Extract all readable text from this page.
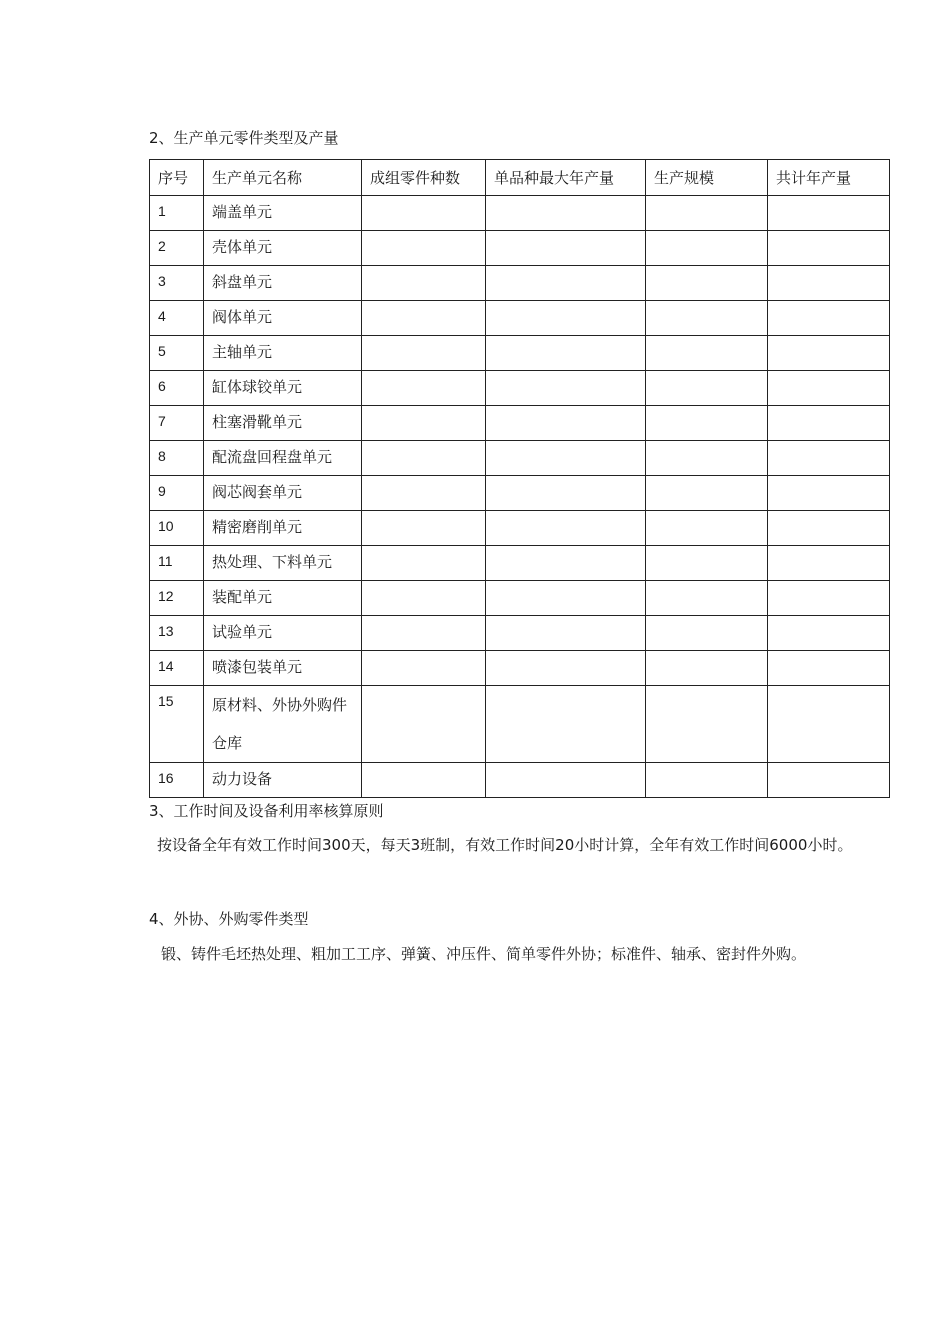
2、生产单元零件类型及产量
序号	生产单元名称	成组零件种数	单品种最大年产量	生产规模	共计年产量
1	端盖单元				
2	壳体单元				
3	斜盘单元				
4	阀体单元				
5	主轴单元				
6	缸体球铰单元				
7	柱塞滑靴单元				
8	配流盘回程盘单元				
9	阀芯阀套单元				
10	精密磨削单元				
11	热处理、下料单元				
12	装配单元				
13	试验单元				
14	喷漆包装单元				
15	原材料、外协外购件仓库				
16	动力设备				
3、工作时间及设备利用率核算原则
按设备全年有效工作时间300天，每天3班制，有效工作时间20小时计算，全年有效工作时间6000小时。
4、外协、外购零件类型
锻、铸件毛坯热处理、粗加工工序、弹簧、冲压件、简单零件外协；标准件、轴承、密封件外购。
